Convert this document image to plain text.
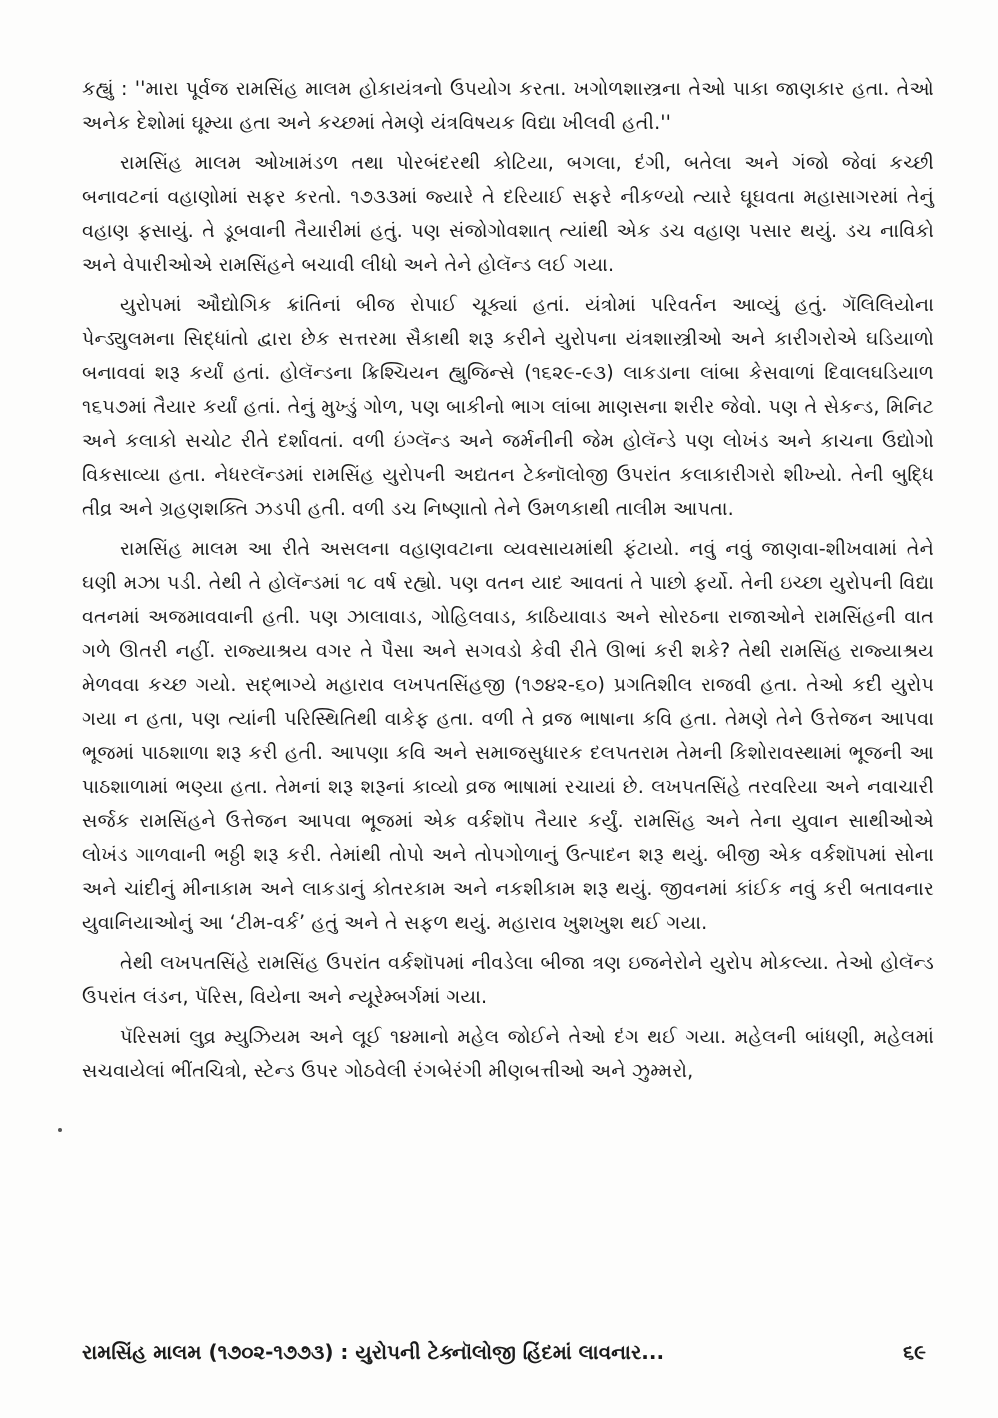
કહ્યું : ''મારા પૂર્વજ રામસિંહ માલમ હોકાયંત્રનો ઉપયોગ કરતા. ખગોળશાસ્ત્રના તેઓ પાકા જાણકાર હતા. તેઓ અનેક દેશોમાં ઘૂમ્યા હતા અને કચ્છમાં તેમણે યંત્રવિષયક વિદ્યા ખીલવી હતી.''

રામસિંહ માલમ ઓખામંડળ તથા પોરબંદરથી કોટિયા, બગલા, દંગી, બતેલા અને ગંજો જેવાં કચ્છી બનાવટનાં વહાણોમાં સફર કરતો. ૧૭૩૩માં જ્યારે તે દરિયાઈ સફરે નીકળ્યો ત્યારે ઘૂઘવતા મહાસાગરમાં તેનું વહાણ ફસાયું. તે ડૂબવાની તૈયારીમાં હતું. પણ સંજોગોવશાત્ ત્યાંથી એક ડચ વહાણ પસાર થયું. ડચ નાવિકો અને વેપારીઓએ રામસિંહને બચાવી લીધો અને તેને હોલૅન્ડ લઈ ગયા.

યુરોપમાં ઔદ્યોગિક ક્રાંતિનાં બીજ રોપાઈ ચૂક્યાં હતાં. યંત્રોમાં પરિવર્તન આવ્યું હતું. ગૅલિલિયોના પેન્ડ્યુલમના સિદ્ધાંતો દ્વારા છેક સત્તરમા સૈકાથી શરૂ કરીને યુરોપના યંત્રશાસ્ત્રીઓ અને કારીગરોએ ઘડિયાળો બનાવવાં શરૂ કર્યાં હતાં. હોલૅન્ડના ક્રિશ્ચિયન હ્યુજિન્સે (૧૬૨૯-૯૩) લાકડાના લાંબા કેસવાળાં દિવાલઘડિયાળ ૧૬૫૭માં તૈયાર કર્યાં હતાં. તેનું મુખ્ડું ગોળ, પણ બાકીનો ભાગ લાંબા માણસના શરીર જેવો. પણ તે સેકન્ડ, મિનિટ અને કલાકો સચોટ રીતે દર્શાવતાં. વળી ઇંગ્લૅન્ડ અને જર્મનીની જેમ હોલૅન્ડે પણ લોખંડ અને કાચના ઉદ્યોગો વિકસાવ્યા હતા. નેધરલૅન્ડમાં રામસિંહ યુરોપની અદ્યતન ટેક્નૉલોજી ઉપરાંત કલાકારીગરો શીખ્યો. તેની બુદ્ધિ તીવ્ર અને ગ્રહણશક્તિ ઝડપી હતી. વળી ડચ નિષ્ણાતો તેને ઉમળકાથી તાલીમ આપતા.

રામસિંહ માલમ આ રીતે અસલના વહાણવટાના વ્યવસાયમાંથી ફંટાયો. નવું નવું જાણવા-શીખવામાં તેને ઘણી મઝા પડી. તેથી તે હોલૅન્ડમાં ૧૮ વર્ષ રહ્યો. પણ વતન યાદ આવતાં તે પાછો ફર્યો. તેની ઇચ્છા યુરોપની વિદ્યા વતનમાં અજમાવવાની હતી. પણ ઝાલાવાડ, ગોહિલવાડ, કાઠિયાવાડ અને સોરઠના રાજાઓને રામસિંહની વાત ગળે ઊતરી નહીં. રાજ્યાશ્રય વગર તે પૈસા અને સગવડો કેવી રીતે ઊભાં કરી શકે? તેથી રામસિંહ રાજ્યાશ્રય મેળવવા કચ્છ ગયો. સદ્ભાગ્યે મહારાવ લખપતસિંહજી (૧૭૪૨-૬૦) પ્રગતિશીલ રાજવી હતા. તેઓ કદી યુરોપ ગયા ન હતા, પણ ત્યાંની પરિસ્થિતિથી વાકેફ હતા. વળી તે વ્રજ ભાષાના કવિ હતા. તેમણે તેને ઉત્તેજન આપવા ભૂજમાં પાઠશાળા શરૂ કરી હતી. આપણા કવિ અને સમાજસુધારક દલપતરામ તેમની કિશોરાવસ્થામાં ભૂજની આ પાઠશાળામાં ભણ્યા હતા. તેમનાં શરૂ શરૂનાં કાવ્યો વ્રજ ભાષામાં રચાયાં છે. લખપતસિંહે તરવરિયા અને નવાચારી સર્જક રામસિંહને ઉત્તેજન આપવા ભૂજમાં એક વર્કશૉપ તૈયાર કર્યું. રામસિંહ અને તેના યુવાન સાથીઓએ લોખંડ ગાળવાની ભઠ્ઠી શરૂ કરી. તેમાંથી તોપો અને તોપગોળાનું ઉત્પાદન શરૂ થયું. બીજી એક વર્કશૉપમાં સોના અને ચાંદીનું મીનાકામ અને લાકડાનું કોતરકામ અને નકશીકામ શરૂ થયું. જીવનમાં કાંઈક નવું કરી બતાવનાર યુવાનિયાઓનું આ ‘ટીમ-વર્ક’ હતું અને તે સફળ થયું. મહારાવ ખુશખુશ થઈ ગયા.

તેથી લખપતસિંહે રામસિંહ ઉપરાંત વર્કશૉપમાં નીવડેલા બીજા ત્રણ ઇજનેરોને યુરોપ મોકલ્યા. તેઓ હોલૅન્ડ ઉપરાંત લંડન, પૅરિસ, વિયેના અને ન્યૂરેમ્બર્ગમાં ગયા.

પૅરિસમાં લુવ્ર મ્યુઝિયમ અને લૂઈ ૧૪માનો મહેલ જોઈને તેઓ દંગ થઈ ગયા. મહેલની બાંધણી, મહેલમાં સચવાયેલાં ભીંતચિત્રો, સ્ટેન્ડ ઉપર ગોઠવેલી રંગબેરંગી મીણબત્તીઓ અને ઝુમ્મરો,

રામસિંહ માલમ (૧૭૦૨-૧૭૭૩) : યુરોપની ટેક્નૉલોજી હિંદમાં લાવનાર...	૬૯
